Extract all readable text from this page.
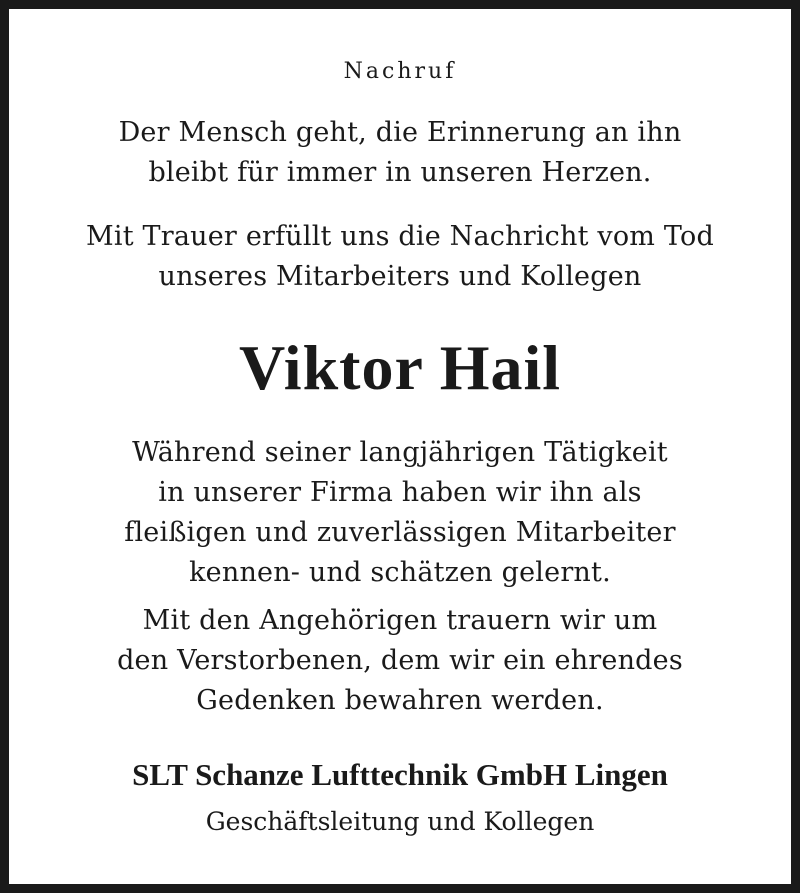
Nachruf
Der Mensch geht, die Erinnerung an ihn
bleibt für immer in unseren Herzen.
Mit Trauer erfüllt uns die Nachricht vom Tod
unseres Mitarbeiters und Kollegen
Viktor Hail
Während seiner langjährigen Tätigkeit
in unserer Firma haben wir ihn als
fleißigen und zuverlässigen Mitarbeiter
kennen- und schätzen gelernt.
Mit den Angehörigen trauern wir um
den Verstorbenen, dem wir ein ehrendes
Gedenken bewahren werden.
SLT Schanze Lufttechnik GmbH Lingen
Geschäftsleitung und Kollegen
